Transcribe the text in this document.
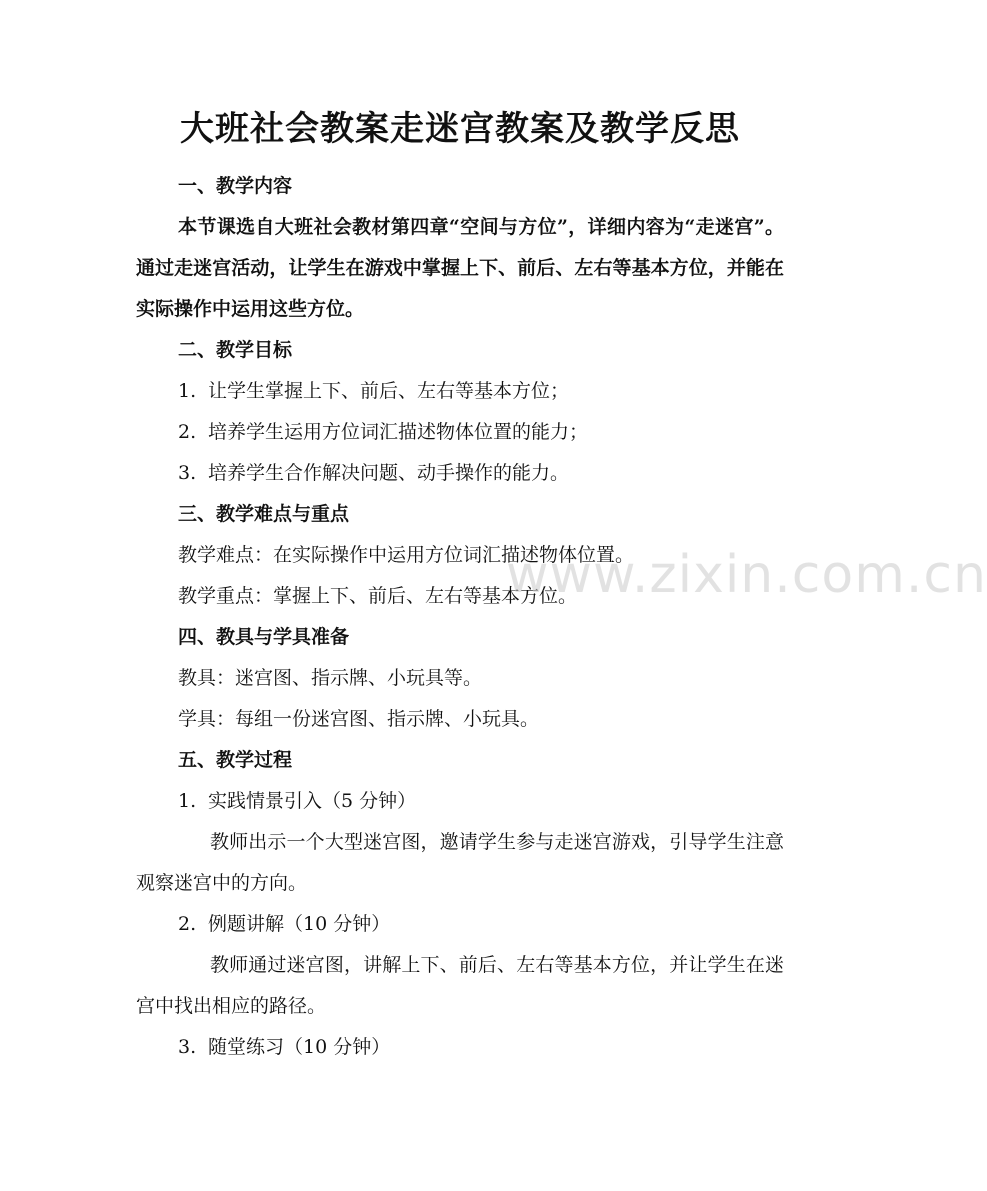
大班社会教案走迷宫教案及教学反思

一、教学内容

本节课选自大班社会教材第四章“空间与方位”，详细内容为“走迷宫”。通过走迷宫活动，让学生在游戏中掌握上下、前后、左右等基本方位，并能在实际操作中运用这些方位。

二、教学目标

1. 让学生掌握上下、前后、左右等基本方位；

2. 培养学生运用方位词汇描述物体位置的能力；

3. 培养学生合作解决问题、动手操作的能力。

三、教学难点与重点

教学难点：在实际操作中运用方位词汇描述物体位置。

教学重点：掌握上下、前后、左右等基本方位。

四、教具与学具准备

教具：迷宫图、指示牌、小玩具等。

学具：每组一份迷宫图、指示牌、小玩具。

五、教学过程

1. 实践情景引入（5 分钟）

教师出示一个大型迷宫图，邀请学生参与走迷宫游戏，引导学生注意观察迷宫中的方向。

2. 例题讲解（10 分钟）

教师通过迷宫图，讲解上下、前后、左右等基本方位，并让学生在迷宫中找出相应的路径。

3. 随堂练习（10 分钟）

www.zixin.com.cn
